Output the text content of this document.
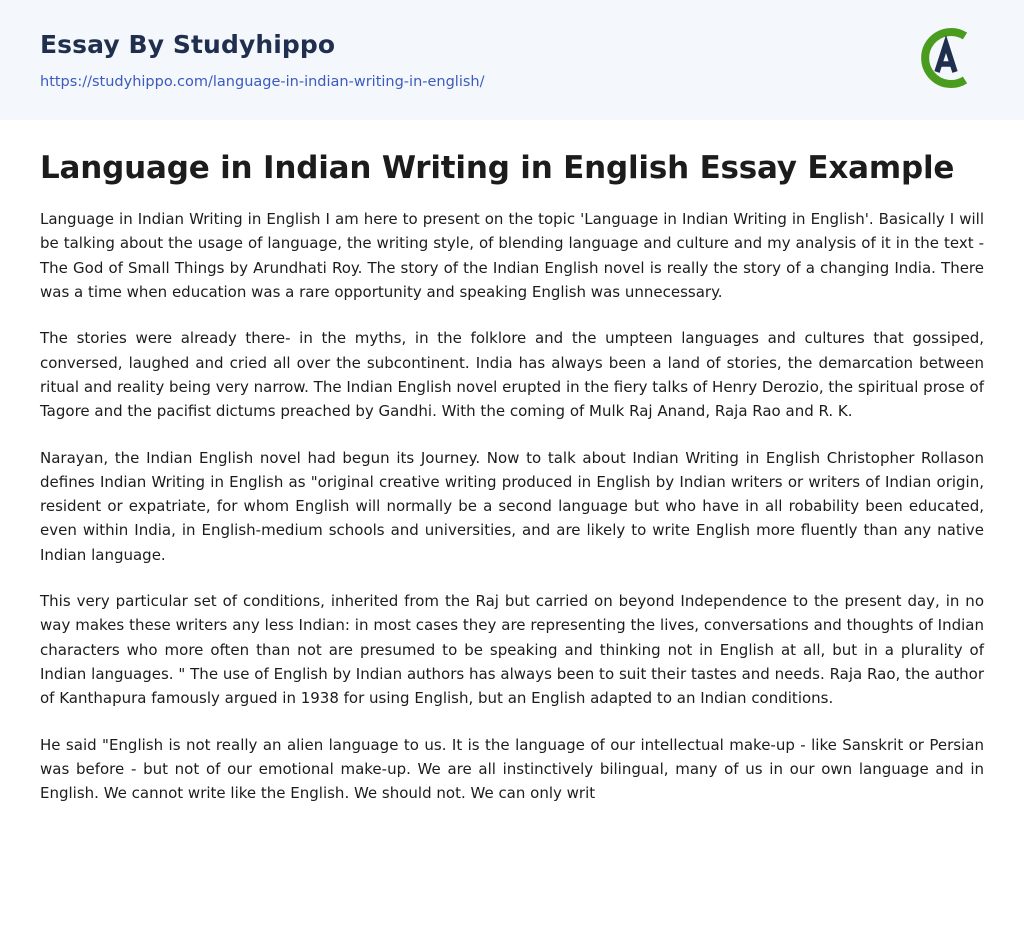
Essay By Studyhippo
https://studyhippo.com/language-in-indian-writing-in-english/
Language in Indian Writing in English Essay Example

Language in Indian Writing in English I am here to present on the topic 'Language in Indian Writing in English'. Basically I will be talking about the usage of language, the writing style, of blending language and culture and my analysis of it in the text - The God of Small Things by Arundhati Roy. The story of the Indian English novel is really the story of a changing India. There was a time when education was a rare opportunity and speaking English was unnecessary.

The stories were already there- in the myths, in the folklore and the umpteen languages and cultures that gossiped, conversed, laughed and cried all over the subcontinent. India has always been a land of stories, the demarcation between ritual and reality being very narrow. The Indian English novel erupted in the fiery talks of Henry Derozio, the spiritual prose of Tagore and the pacifist dictums preached by Gandhi. With the coming of Mulk Raj Anand, Raja Rao and R. K.

Narayan, the Indian English novel had begun its Journey. Now to talk about Indian Writing in English Christopher Rollason defines Indian Writing in English as "original creative writing produced in English by Indian writers or writers of Indian origin, resident or expatriate, for whom English will normally be a second language but who have in all robability been educated, even within India, in English-medium schools and universities, and are likely to write English more fluently than any native Indian language.

This very particular set of conditions, inherited from the Raj but carried on beyond Independence to the present day, in no way makes these writers any less Indian: in most cases they are representing the lives, conversations and thoughts of Indian characters who more often than not are presumed to be speaking and thinking not in English at all, but in a plurality of Indian languages. " The use of English by Indian authors has always been to suit their tastes and needs. Raja Rao, the author of Kanthapura famously argued in 1938 for using English, but an English adapted to an Indian conditions.

He said "English is not really an alien language to us. It is the language of our intellectual make-up - like Sanskrit or Persian was before - but not of our emotional make-up. We are all instinctively bilingual, many of us in our own language and in English. We cannot write like the English. We should not. We can only writ
